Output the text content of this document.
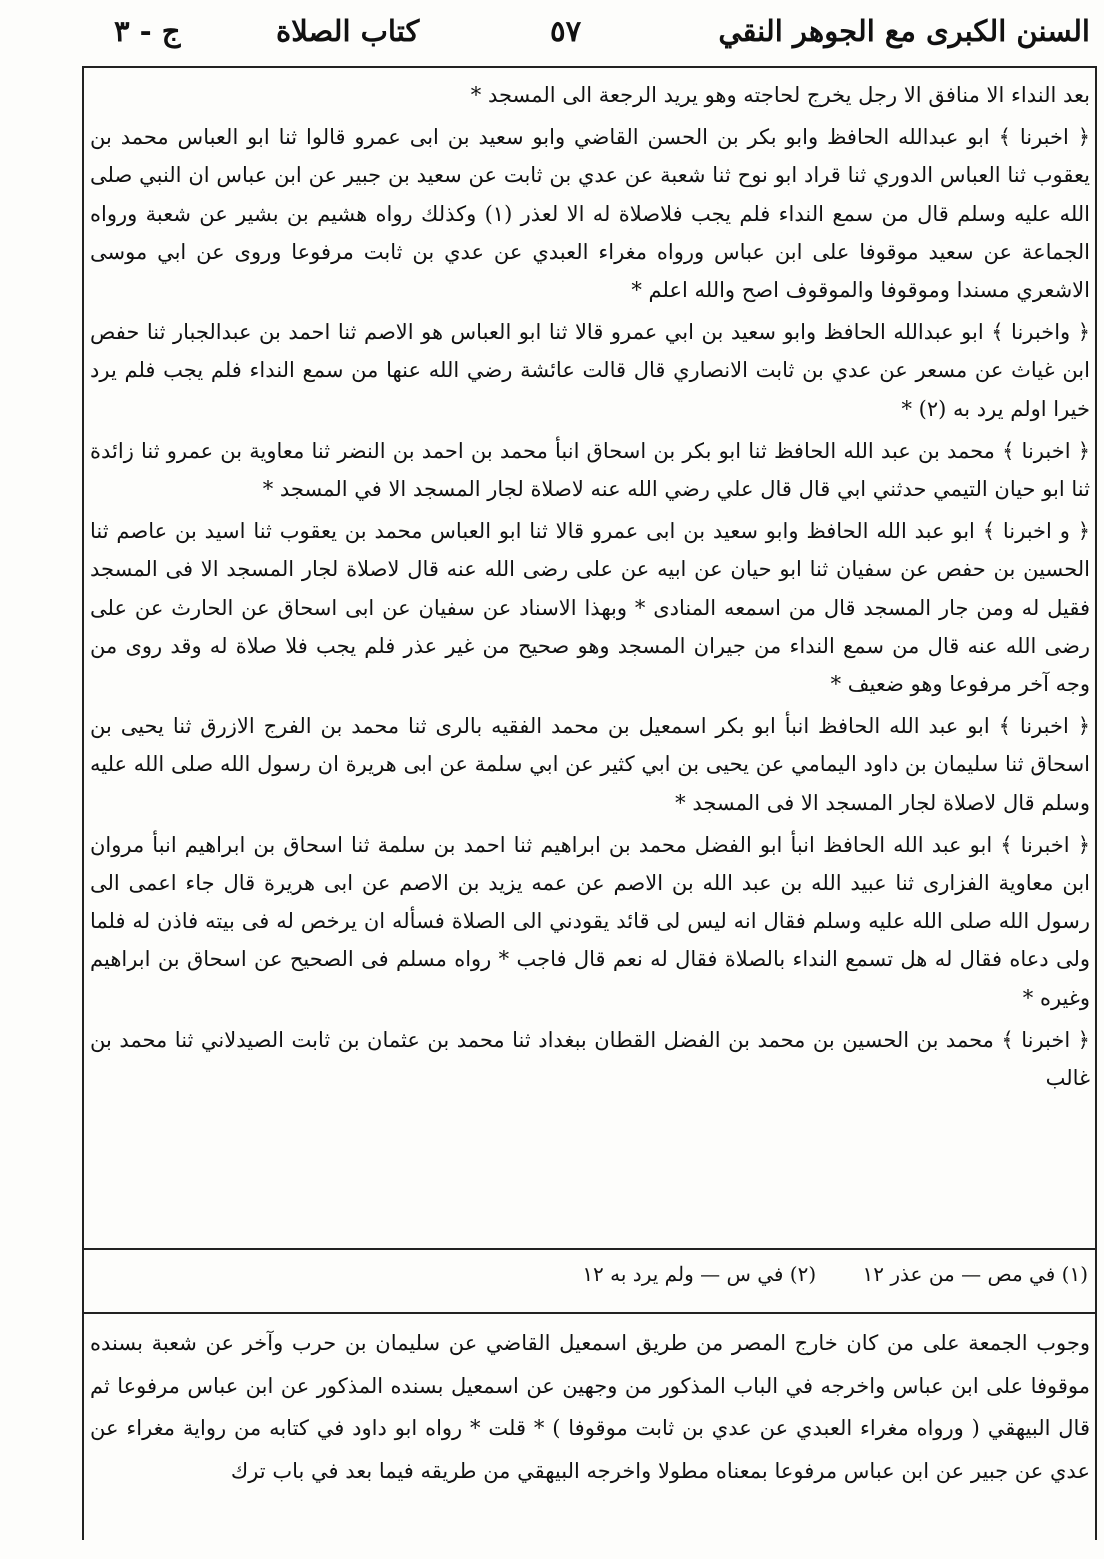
السنن الكبرى مع الجوهر النقي
٥٧
كتاب الصلاة
ج - ٣

بعد النداء الا منافق الا رجل يخرج لحاجته وهو يريد الرجعة الى المسجد *

﴿ اخبرنا ﴾ ابو عبدالله الحافظ وابو بكر بن الحسن القاضي وابو سعيد بن ابى عمرو قالوا ثنا ابو العباس محمد بن يعقوب ثنا العباس الدوري ثنا قراد ابو نوح ثنا شعبة عن عدي بن ثابت عن سعيد بن جبير عن ابن عباس ان النبي صلى الله عليه وسلم قال من سمع النداء فلم يجب فلاصلاة له الا لعذر (١) وكذلك رواه هشيم بن بشير عن شعبة ورواه الجماعة عن سعيد موقوفا على ابن عباس ورواه مغراء العبدي عن عدي بن ثابت مرفوعا وروى عن ابي موسى الاشعري مسندا وموقوفا والموقوف اصح والله اعلم *

﴿ واخبرنا ﴾ ابو عبدالله الحافظ وابو سعيد بن ابي عمرو قالا ثنا ابو العباس هو الاصم ثنا احمد بن عبدالجبار ثنا حفص ابن غياث عن مسعر عن عدي بن ثابت الانصاري قال قالت عائشة رضي الله عنها من سمع النداء فلم يجب فلم يرد خيرا اولم يرد به (٢) *

﴿ اخبرنا ﴾ محمد بن عبد الله الحافظ ثنا ابو بكر بن اسحاق انبأ محمد بن احمد بن النضر ثنا معاوية بن عمرو ثنا زائدة ثنا ابو حيان التيمي حدثني ابي قال قال علي رضي الله عنه لاصلاة لجار المسجد الا في المسجد *

﴿ و اخبرنا ﴾ ابو عبد الله الحافظ وابو سعيد بن ابى عمرو قالا ثنا ابو العباس محمد بن يعقوب ثنا اسيد بن عاصم ثنا الحسين بن حفص عن سفيان ثنا ابو حيان عن ابيه عن على رضى الله عنه قال لاصلاة لجار المسجد الا فى المسجد فقيل له ومن جار المسجد قال من اسمعه المنادى * وبهذا الاسناد عن سفيان عن ابى اسحاق عن الحارث عن على رضى الله عنه قال من سمع النداء من جيران المسجد وهو صحيح من غير عذر فلم يجب فلا صلاة له وقد روى من وجه آخر مرفوعا وهو ضعيف *

﴿ اخبرنا ﴾ ابو عبد الله الحافظ انبأ ابو بكر اسمعيل بن محمد الفقيه بالرى ثنا محمد بن الفرج الازرق ثنا يحيى بن اسحاق ثنا سليمان بن داود اليمامي عن يحيى بن ابي كثير عن ابي سلمة عن ابى هريرة ان رسول الله صلى الله عليه وسلم قال لاصلاة لجار المسجد الا فى المسجد *

﴿ اخبرنا ﴾ ابو عبد الله الحافظ انبأ ابو الفضل محمد بن ابراهيم ثنا احمد بن سلمة ثنا اسحاق بن ابراهيم انبأ مروان ابن معاوية الفزارى ثنا عبيد الله بن عبد الله بن الاصم عن عمه يزيد بن الاصم عن ابى هريرة قال جاء اعمى الى رسول الله صلى الله عليه وسلم فقال انه ليس لى قائد يقودني الى الصلاة فسأله ان يرخص له فى بيته فاذن له فلما ولى دعاه فقال له هل تسمع النداء بالصلاة فقال له نعم قال فاجب * رواه مسلم فى الصحيح عن اسحاق بن ابراهيم وغيره *

﴿ اخبرنا ﴾ محمد بن الحسين بن محمد بن الفضل القطان ببغداد ثنا محمد بن عثمان بن ثابت الصيدلاني ثنا محمد بن غالب

(١) في مص — من عذر ١٢ (٢) في س — ولم يرد به ١٢

وجوب الجمعة على من كان خارج المصر من طريق اسمعيل القاضي عن سليمان بن حرب وآخر عن شعبة بسنده موقوفا على ابن عباس واخرجه في الباب المذكور من وجهين عن اسمعيل بسنده المذكور عن ابن عباس مرفوعا ثم قال البيهقي ( ورواه مغراء العبدي عن عدي بن ثابت موقوفا ) * قلت * رواه ابو داود في كتابه من رواية مغراء عن عدي عن جبير عن ابن عباس مرفوعا بمعناه مطولا واخرجه البيهقي من طريقه فيما بعد في باب ترك
